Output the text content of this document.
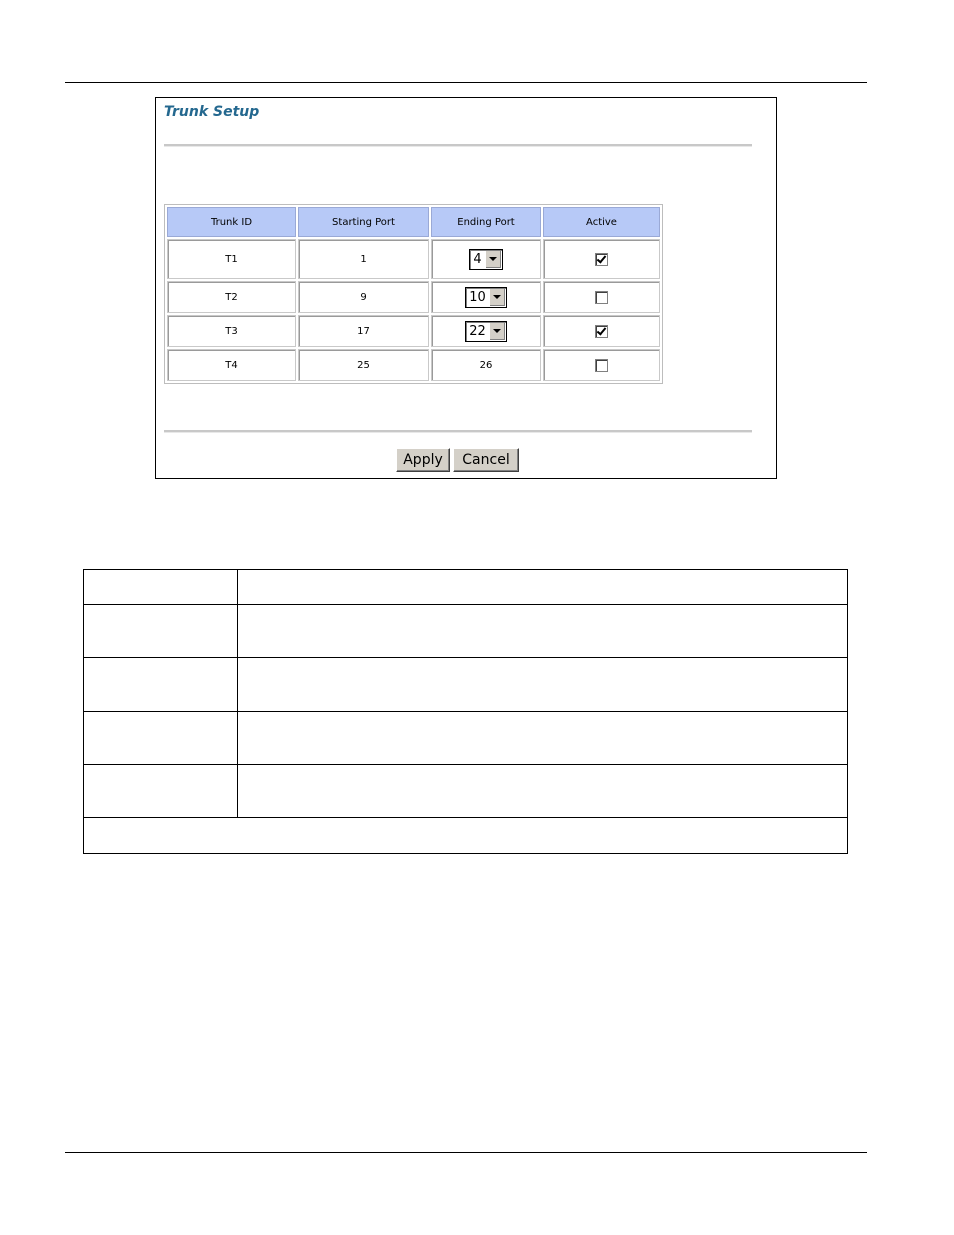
Trunk Setup
Trunk ID	Starting Port	Ending Port	Active
T1	1	4	

T2	9	10	

T3	17	22	

T4	25	26	
Apply	Cancel
